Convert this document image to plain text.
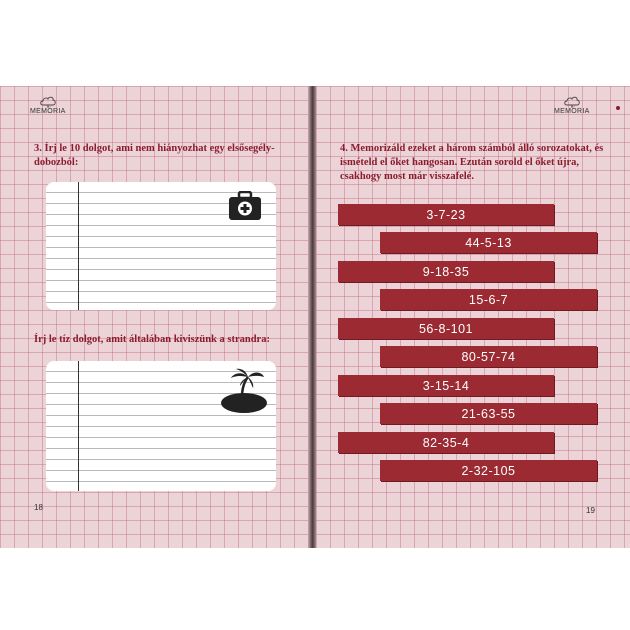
MEMÓRIA
3. Írj le 10 dolgot, ami nem hiányozhat egy elsősegély-dobozból:
Írj le tíz dolgot, amit általában kiviszünk a strandra:
18
MEMÓRIA
4. Memorizáld ezeket a három számból álló sorozatokat, és ismételd el őket hangosan. Ezután sorold el őket újra, csakhogy most már visszafelé.
3-7-23
44-5-13
9-18-35
15-6-7
56-8-101
80-57-74
3-15-14
21-63-55
82-35-4
2-32-105
19
